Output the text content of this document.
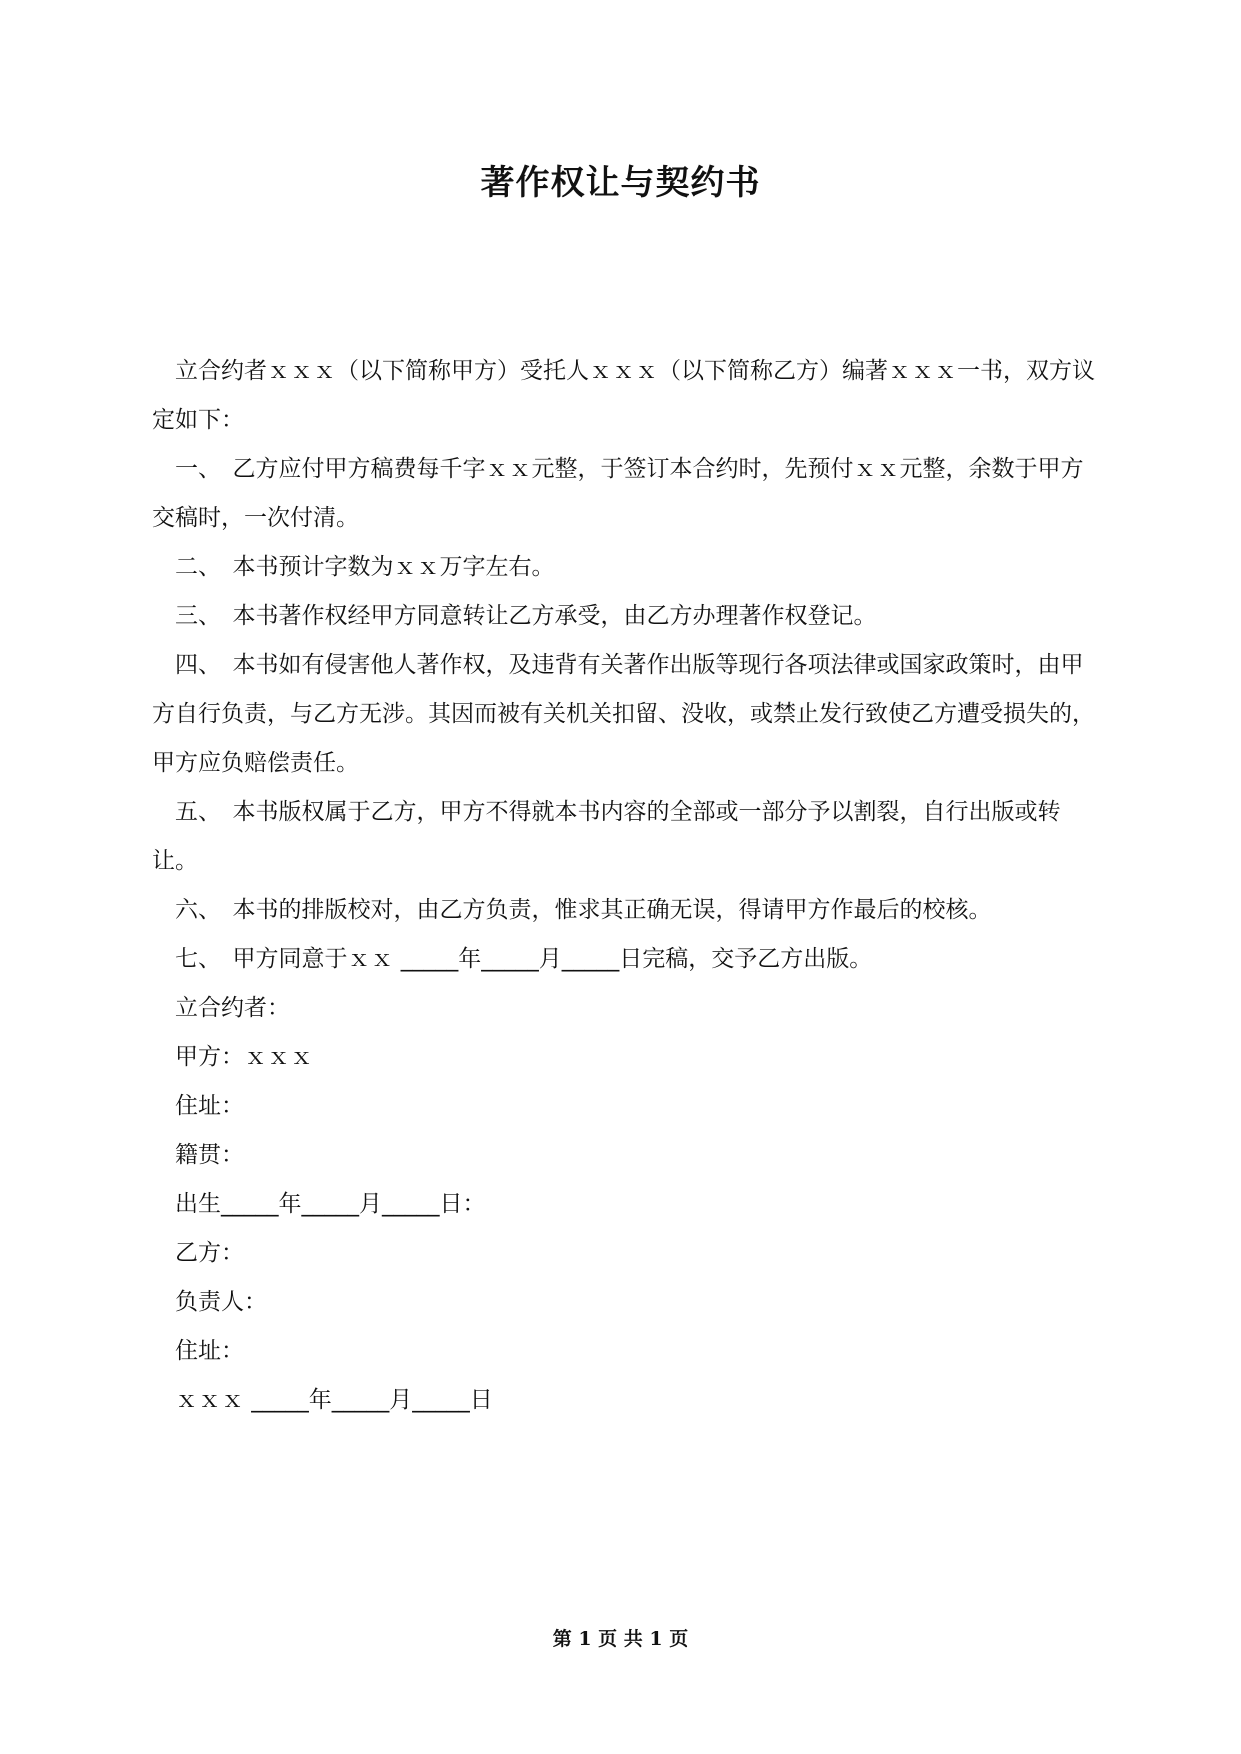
著作权让与契约书

立合约者ｘｘｘ（以下简称甲方）受托人ｘｘｘ（以下简称乙方）编著ｘｘｘ一书，双方议定如下：

一、　乙方应付甲方稿费每千字ｘｘ元整，于签订本合约时，先预付ｘｘ元整，余数于甲方交稿时，一次付清。

二、　本书预计字数为ｘｘ万字左右。

三、　本书著作权经甲方同意转让乙方承受，由乙方办理著作权登记。

四、　本书如有侵害他人著作权，及违背有关著作出版等现行各项法律或国家政策时，由甲方自行负责，与乙方无涉。其因而被有关机关扣留、没收，或禁止发行致使乙方遭受损失的，甲方应负赔偿责任。

五、　本书版权属于乙方，甲方不得就本书内容的全部或一部分予以割裂，自行出版或转让。

六、　本书的排版校对，由乙方负责，惟求其正确无误，得请甲方作最后的校核。

七、　甲方同意于ｘｘ _____年_____月_____日完稿，交予乙方出版。

立合约者：

甲方：ｘｘｘ

住址：

籍贯：

出生_____年_____月_____日：

乙方：

负责人：

住址：

ｘｘｘ _____年_____月_____日

第 1 页 共 1 页
